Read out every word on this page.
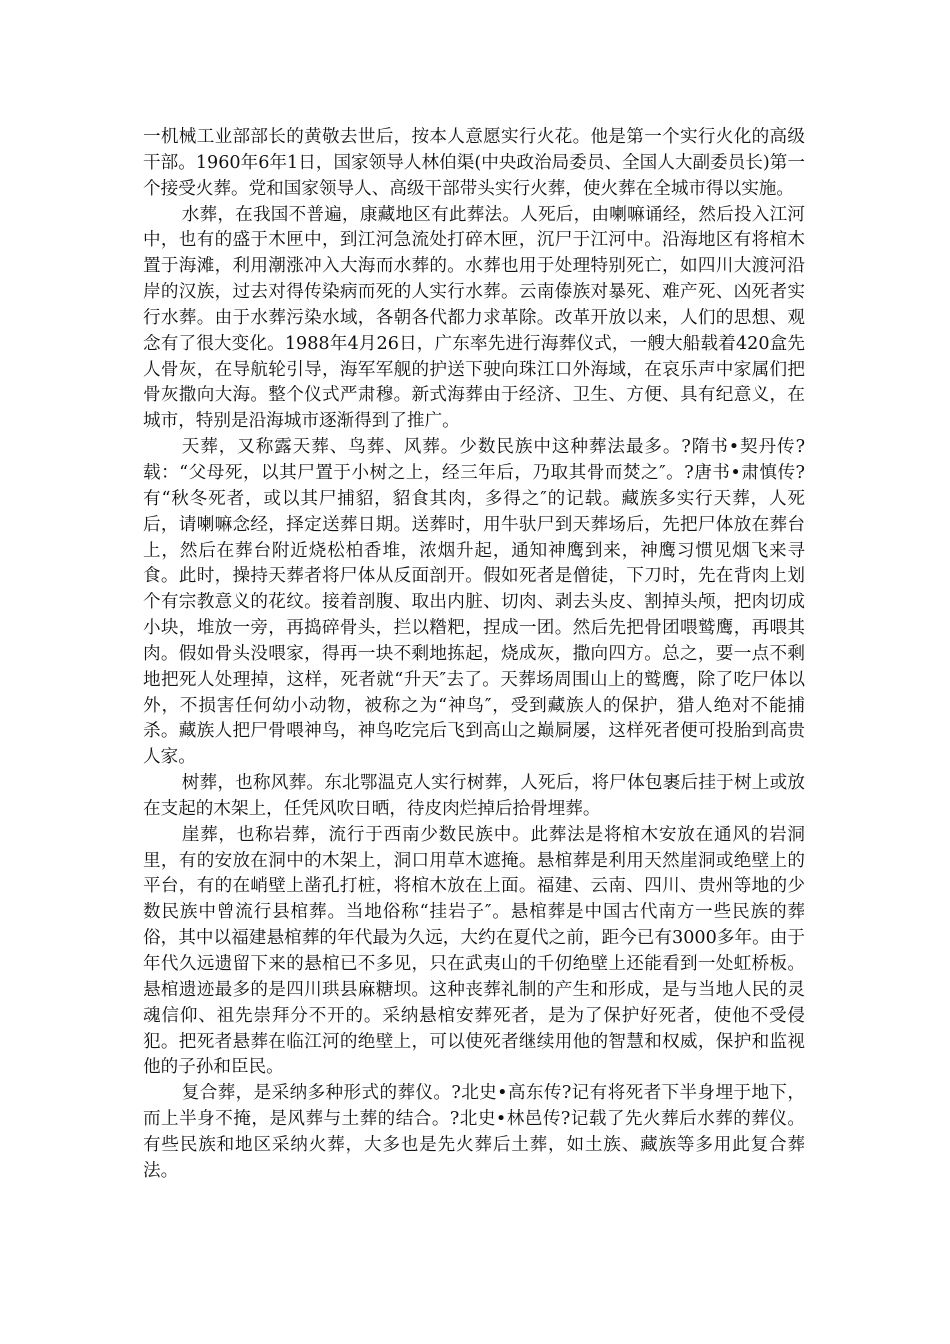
一机械工业部部长的黄敬去世后，按本人意愿实行火花。他是第一个实行火化的高级干部。1960年6年1日，国家领导人林伯渠(中央政治局委员、全国人大副委员长)第一个接受火葬。党和国家领导人、高级干部带头实行火葬，使火葬在全城市得以实施。

水葬，在我国不普遍，康藏地区有此葬法。人死后，由喇嘛诵经，然后投入江河中，也有的盛于木匣中，到江河急流处打碎木匣，沉尸于江河中。沿海地区有将棺木置于海滩，利用潮涨冲入大海而水葬的。水葬也用于处理特别死亡，如四川大渡河沿岸的汉族，过去对得传染病而死的人实行水葬。云南傣族对暴死、难产死、凶死者实行水葬。由于水葬污染水域，各朝各代都力求革除。改革开放以来，人们的思想、观念有了很大变化。1988年4月26日，广东率先进行海葬仪式，一艘大船载着420盒先人骨灰，在导航轮引导，海军军舰的护送下驶向珠江口外海域，在哀乐声中家属们把骨灰撒向大海。整个仪式严肃穆。新式海葬由于经济、卫生、方便、具有纪意义，在城市，特别是沿海城市逐渐得到了推广。

天葬，又称露天葬、鸟葬、风葬。少数民族中这种葬法最多。?隋书•契丹传?载：“父母死，以其尸置于小树之上，经三年后，乃取其骨而焚之″。?唐书•肃慎传?有“秋冬死者，或以其尸捕貂，貂食其肉，多得之″的记载。藏族多实行天葬，人死后，请喇嘛念经，择定送葬日期。送葬时，用牛驮尸到天葬场后，先把尸体放在葬台上，然后在葬台附近烧松柏香堆，浓烟升起，通知神鹰到来，神鹰习惯见烟飞来寻食。此时，操持天葬者将尸体从反面剖开。假如死者是僧徒，下刀时，先在背肉上划个有宗教意义的花纹。接着剖腹、取出内脏、切肉、剥去头皮、割掉头颅，把肉切成小块，堆放一旁，再捣碎骨头，拦以糌粑，捏成一团。然后先把骨团喂鹫鹰，再喂其肉。假如骨头没喂家，得再一块不剩地拣起，烧成灰，撒向四方。总之，要一点不剩地把死人处理掉，这样，死者就“升天″去了。天葬场周围山上的鹫鹰，除了吃尸体以外，不损害任何幼小动物，被称之为“神鸟″，受到藏族人的保护，猎人绝对不能捕杀。藏族人把尸骨喂神鸟，神鸟吃完后飞到高山之巅屙屡，这样死者便可投胎到高贵人家。

树葬，也称风葬。东北鄂温克人实行树葬，人死后，将尸体包裹后挂于树上或放在支起的木架上，任凭风吹日晒，待皮肉烂掉后拾骨埋葬。

崖葬，也称岩葬，流行于西南少数民族中。此葬法是将棺木安放在通风的岩洞里，有的安放在洞中的木架上，洞口用草木遮掩。悬棺葬是利用天然崖洞或绝壁上的平台，有的在峭壁上凿孔打桩，将棺木放在上面。福建、云南、四川、贵州等地的少数民族中曾流行县棺葬。当地俗称“挂岩子″。悬棺葬是中国古代南方一些民族的葬俗，其中以福建悬棺葬的年代最为久远，大约在夏代之前，距今已有3000多年。由于年代久远遗留下来的悬棺已不多见，只在武夷山的千仞绝壁上还能看到一处虹桥板。悬棺遗迹最多的是四川珙县麻糖坝。这种丧葬礼制的产生和形成，是与当地人民的灵魂信仰、祖先崇拜分不开的。采纳悬棺安葬死者，是为了保护好死者，使他不受侵犯。把死者悬葬在临江河的绝壁上，可以使死者继续用他的智慧和权威，保护和监视他的子孙和臣民。

复合葬，是采纳多种形式的葬仪。?北史•高东传?记有将死者下半身埋于地下，而上半身不掩，是风葬与土葬的结合。?北史•林邑传?记载了先火葬后水葬的葬仪。有些民族和地区采纳火葬，大多也是先火葬后土葬，如土族、藏族等多用此复合葬法。
